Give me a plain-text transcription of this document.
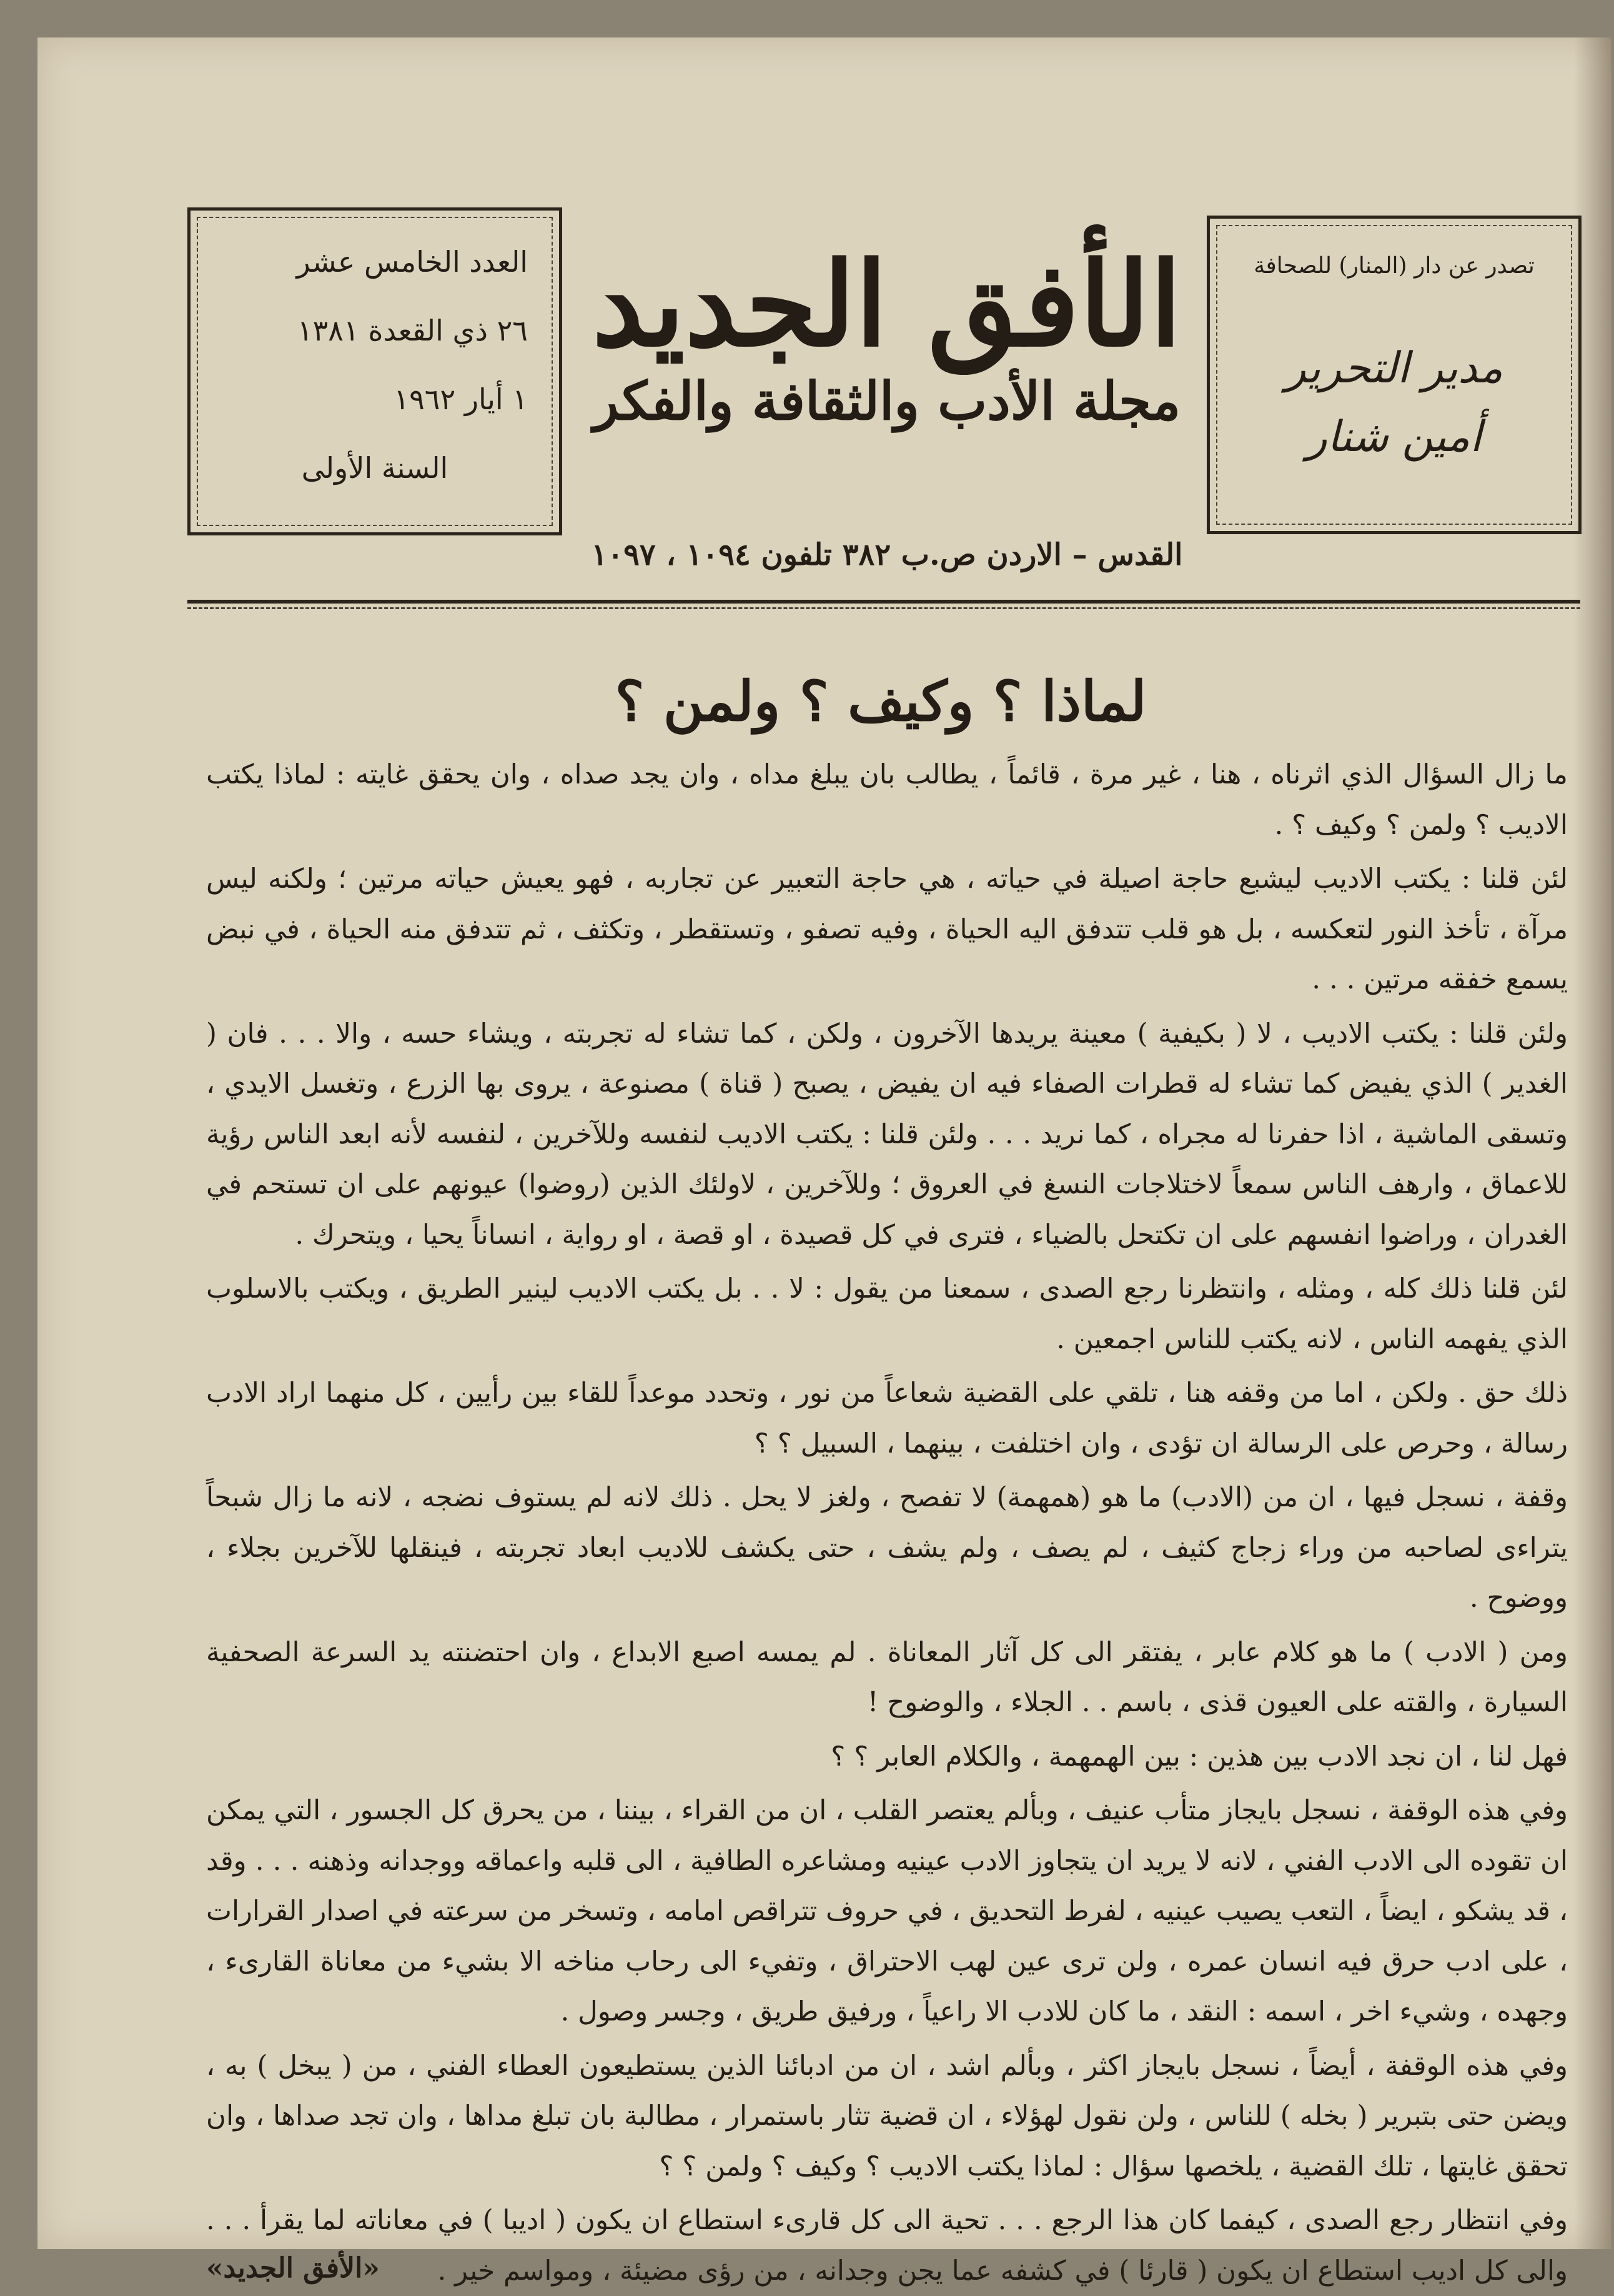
العدد الخامس عشر
٢٦ ذي القعدة ١٣٨١
١ أيار ١٩٦٢
السنة الأولى
الأفق الجديد
مجلة الأدب والثقافة والفكر
تصدر عن دار (المنار) للصحافة
مدير التحرير
أمين شنار
القدس – الاردن ص.ب ٣٨٢ تلفون ١٠٩٤ ، ١٠٩٧
لماذا ؟ وكيف ؟ ولمن ؟

ما زال السؤال الذي اثرناه ، هنا ، غير مرة ، قائماً ، يطالب بان يبلغ مداه ، وان يجد صداه ، وان يحقق غايته : لماذا يكتب الاديب ؟ ولمن ؟ وكيف ؟ .

لئن قلنا : يكتب الاديب ليشبع حاجة اصيلة في حياته ، هي حاجة التعبير عن تجاربه ، فهو يعيش حياته مرتين ؛ ولكنه ليس مرآة ، تأخذ النور لتعكسه ، بل هو قلب تتدفق اليه الحياة ، وفيه تصفو ، وتستقطر ، وتكثف ، ثم تتدفق منه الحياة ، في نبض يسمع خفقه مرتين . . .

ولئن قلنا : يكتب الاديب ، لا ( بكيفية ) معينة يريدها الآخرون ، ولكن ، كما تشاء له تجربته ، ويشاء حسه ، والا . . . فان ( الغدير ) الذي يفيض كما تشاء له قطرات الصفاء فيه ان يفيض ، يصبح ( قناة ) مصنوعة ، يروى بها الزرع ، وتغسل الايدي ، وتسقى الماشية ، اذا حفرنا له مجراه ، كما نريد . . . ولئن قلنا : يكتب الاديب لنفسه وللآخرين ، لنفسه لأنه ابعد الناس رؤية للاعماق ، وارهف الناس سمعاً لاختلاجات النسغ في العروق ؛ وللآخرين ، لاولئك الذين (روضوا) عيونهم على ان تستحم في الغدران ، وراضوا انفسهم على ان تكتحل بالضياء ، فترى في كل قصيدة ، او قصة ، او رواية ، انساناً يحيا ، ويتحرك .

لئن قلنا ذلك كله ، ومثله ، وانتظرنا رجع الصدى ، سمعنا من يقول : لا . . بل يكتب الاديب لينير الطريق ، ويكتب بالاسلوب الذي يفهمه الناس ، لانه يكتب للناس اجمعين .

ذلك حق . ولكن ، اما من وقفه هنا ، تلقي على القضية شعاعاً من نور ، وتحدد موعداً للقاء بين رأيين ، كل منهما اراد الادب رسالة ، وحرص على الرسالة ان تؤدى ، وان اختلفت ، بينهما ، السبيل ؟ ؟

وقفة ، نسجل فيها ، ان من (الادب) ما هو (همهمة) لا تفصح ، ولغز لا يحل . ذلك لانه لم يستوف نضجه ، لانه ما زال شبحاً يتراءى لصاحبه من وراء زجاج كثيف ، لم يصف ، ولم يشف ، حتى يكشف للاديب ابعاد تجربته ، فينقلها للآخرين بجلاء ، ووضوح .

ومن ( الادب ) ما هو كلام عابر ، يفتقر الى كل آثار المعاناة . لم يمسه اصبع الابداع ، وان احتضنته يد السرعة الصحفية السيارة ، والقته على العيون قذى ، باسم . . الجلاء ، والوضوح !

فهل لنا ، ان نجد الادب بين هذين : بين الهمهمة ، والكلام العابر ؟ ؟

وفي هذه الوقفة ، نسجل بايجاز متأب عنيف ، وبألم يعتصر القلب ، ان من القراء ، بيننا ، من يحرق كل الجسور ، التي يمكن ان تقوده الى الادب الفني ، لانه لا يريد ان يتجاوز الادب عينيه ومشاعره الطافية ، الى قلبه واعماقه ووجدانه وذهنه . . . وقد ، قد يشكو ، ايضاً ، التعب يصيب عينيه ، لفرط التحديق ، في حروف تتراقص امامه ، وتسخر من سرعته في اصدار القرارات ، على ادب حرق فيه انسان عمره ، ولن ترى عين لهب الاحتراق ، وتفيء الى رحاب مناخه الا بشيء من معاناة القارىء ، وجهده ، وشيء اخر ، اسمه : النقد ، ما كان للادب الا راعياً ، ورفيق طريق ، وجسر وصول .

وفي هذه الوقفة ، أيضاً ، نسجل بايجاز اكثر ، وبألم اشد ، ان من ادبائنا الذين يستطيعون العطاء الفني ، من ( يبخل ) به ، ويضن حتى بتبرير ( بخله ) للناس ، ولن نقول لهؤلاء ، ان قضية تثار باستمرار ، مطالبة بان تبلغ مداها ، وان تجد صداها ، وان تحقق غايتها ، تلك القضية ، يلخصها سؤال : لماذا يكتب الاديب ؟ وكيف ؟ ولمن ؟ ؟

وفي انتظار رجع الصدى ، كيفما كان هذا الرجع . . . تحية الى كل قارىء استطاع ان يكون ( اديبا ) في معاناته لما يقرأ . . . والى كل اديب استطاع ان يكون ( قارئا ) في كشفه عما يجن وجدانه ، من رؤى مضيئة ، ومواسم خير .

«الأفق الجديد»
